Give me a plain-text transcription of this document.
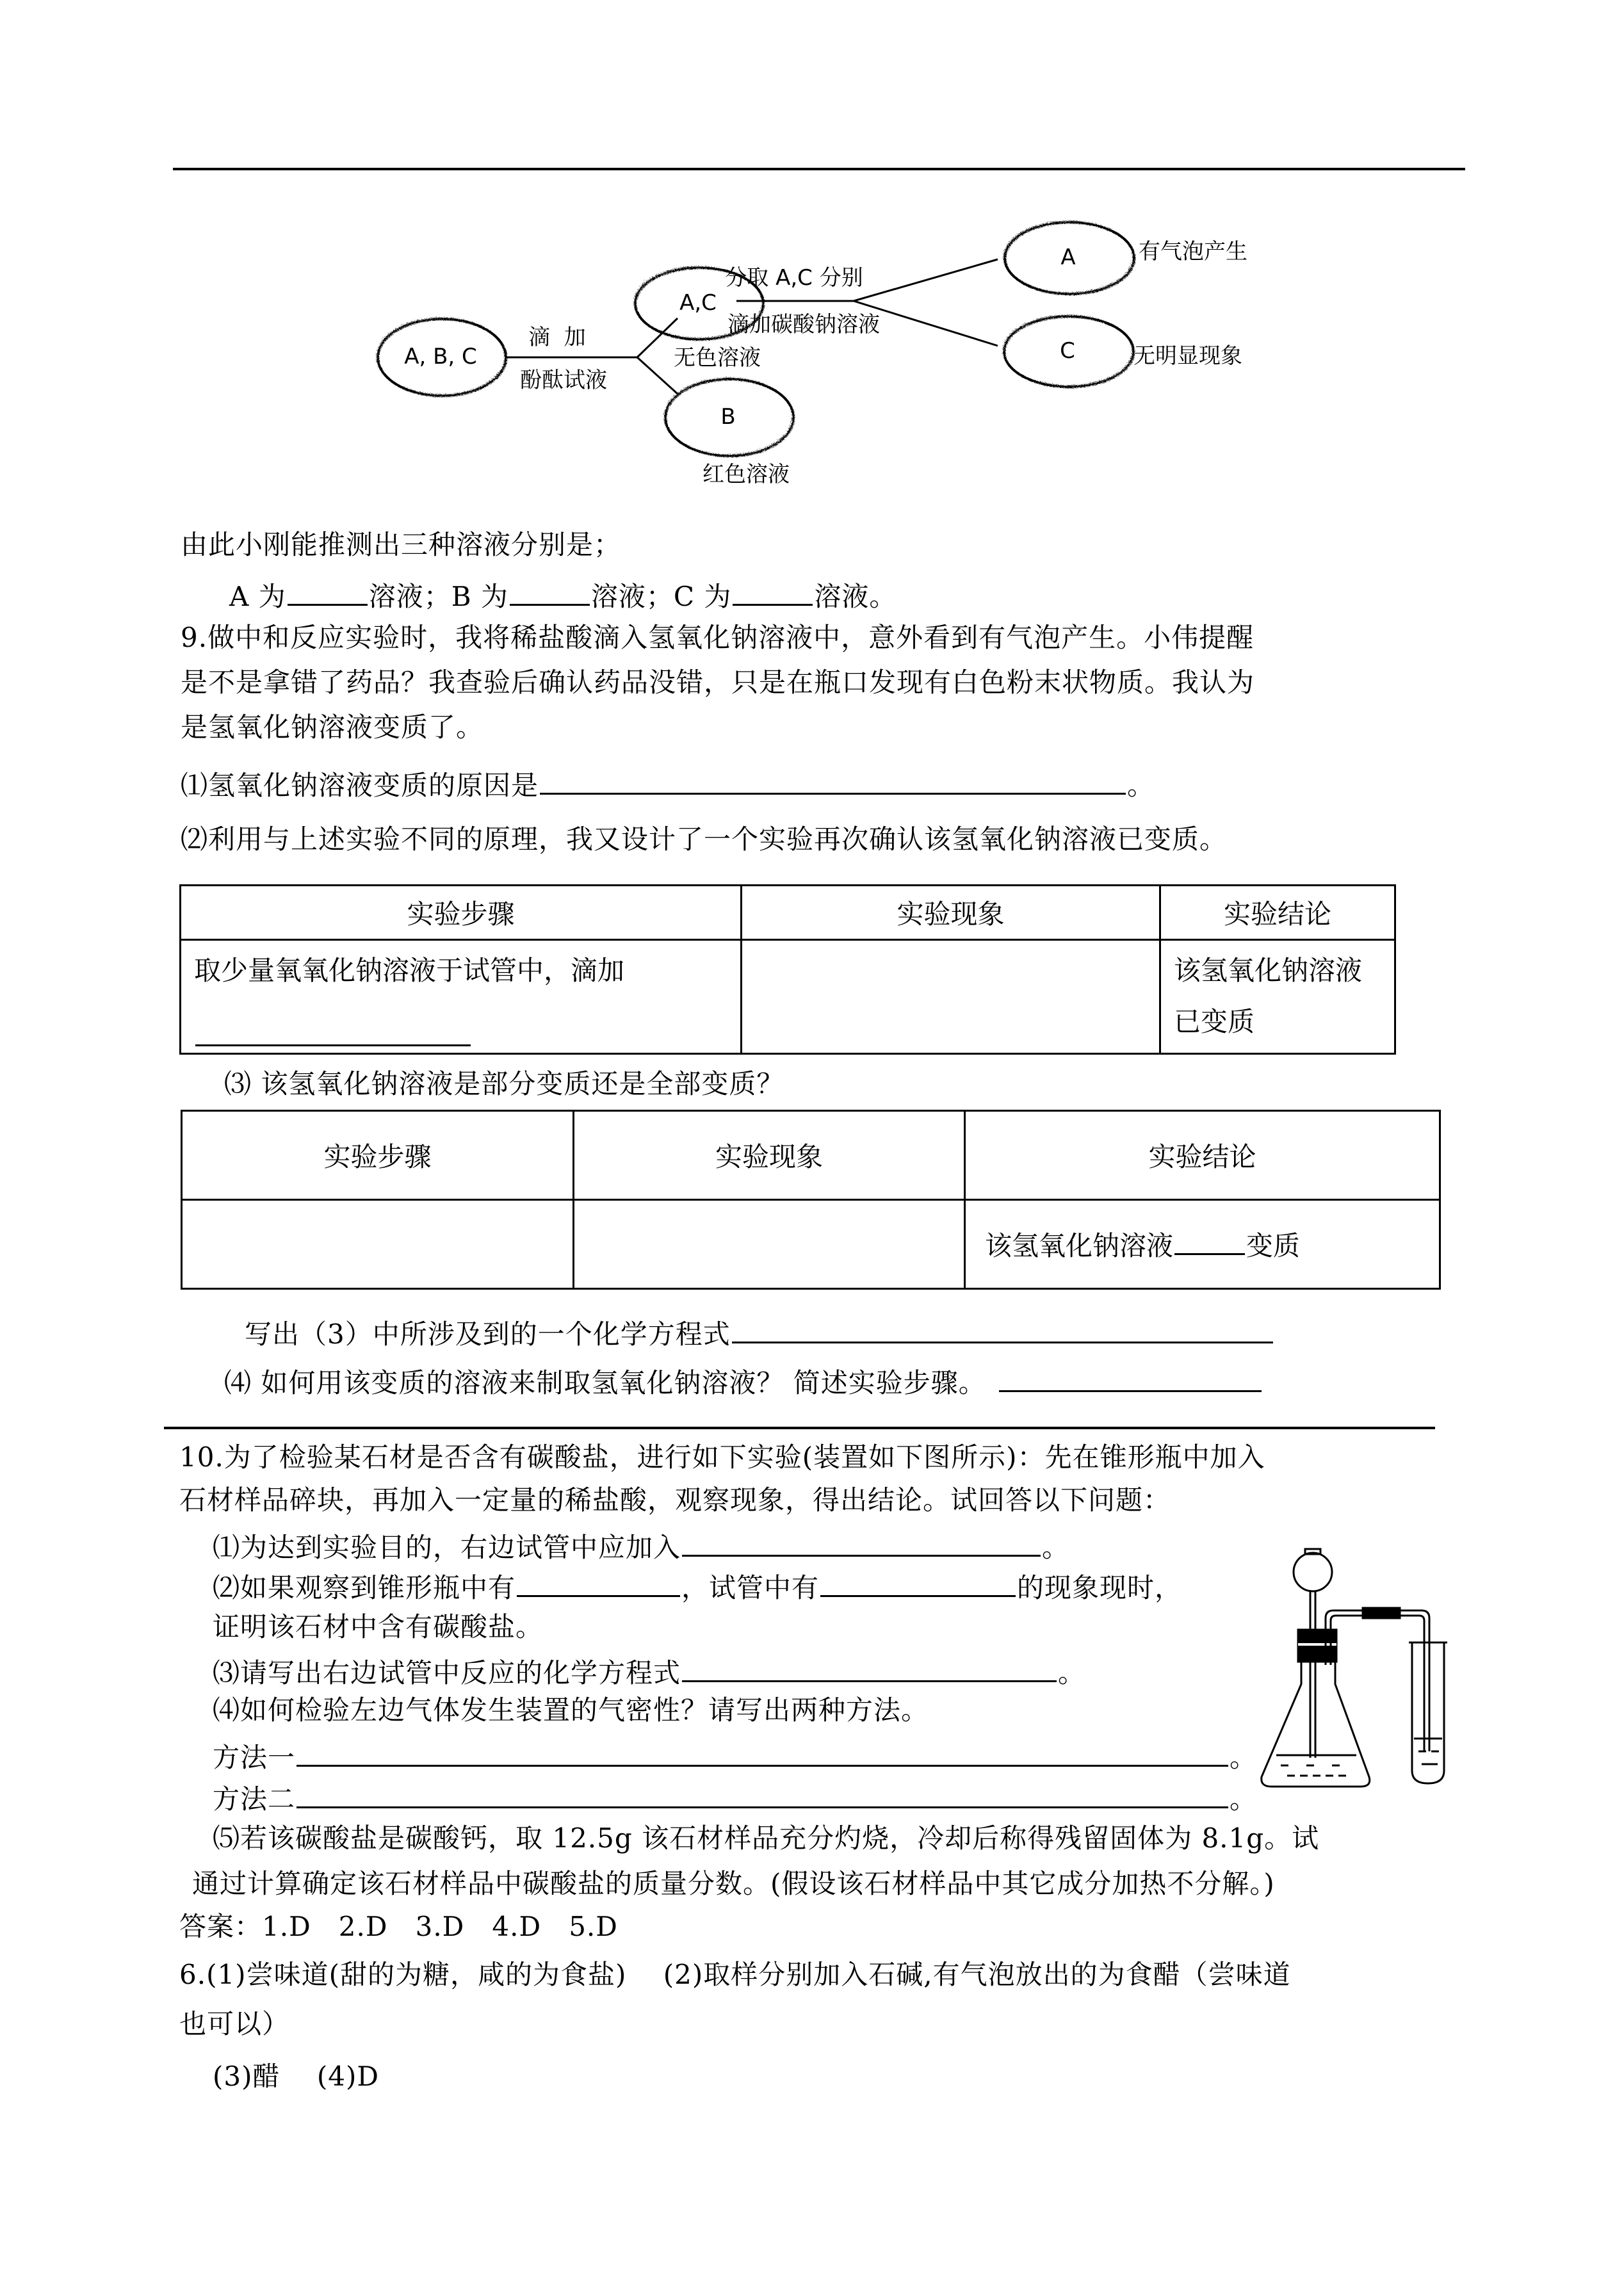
A, B, C
A,C
B
A
C
滴  加
酚酞试液
无色溶液
红色溶液
分取 A,C 分别
滴加碳酸钠溶液
有气泡产生
无明显现象
由此小刚能推测出三种溶液分别是；
A 为	溶液；B 为	溶液；C 为	溶液。
9.做中和反应实验时，我将稀盐酸滴入氢氧化钠溶液中，意外看到有气泡产生。小伟提醒
是不是拿错了药品？我查验后确认药品没错，只是在瓶口发现有白色粉末状物质。我认为
是氢氧化钠溶液变质了。
⑴氢氧化钠溶液变质的原因是	。
⑵利用与上述实验不同的原理，我又设计了一个实验再次确认该氢氧化钠溶液已变质。
实验步骤	实验现象	实验结论

取少量氧氧化钠溶液于试管中，滴加		该氢氧化钠溶液
已变质
⑶ 该氢氧化钠溶液是部分变质还是全部变质？
实验步骤	实验现象	实验结论
		该氢氧化钠溶液 变质
写出（3）中所涉及到的一个化学方程式
⑷ 如何用该变质的溶液来制取氢氧化钠溶液？ 简述实验步骤。
10.为了检验某石材是否含有碳酸盐，进行如下实验(装置如下图所示)：先在锥形瓶中加入
石材样品碎块，再加入一定量的稀盐酸，观察现象，得出结论。试回答以下问题：
⑴为达到实验目的，右边试管中应加入	。
⑵如果观察到锥形瓶中有	，试管中有	的现象现时，
证明该石材中含有碳酸盐。
⑶请写出右边试管中反应的化学方程式	。
⑷如何检验左边气体发生装置的气密性？请写出两种方法。
方法一	。
方法二	。
⑸若该碳酸盐是碳酸钙，取 12.5g 该石材样品充分灼烧，冷却后称得残留固体为 8.1g。试
通过计算确定该石材样品中碳酸盐的质量分数。(假设该石材样品中其它成分加热不分解。)
答案：1.D   2.D   3.D   4.D   5.D
6.(1)尝味道(甜的为糖，咸的为食盐)    (2)取样分别加入石碱,有气泡放出的为食醋（尝味道
也可以）
(3)醋    (4)D
